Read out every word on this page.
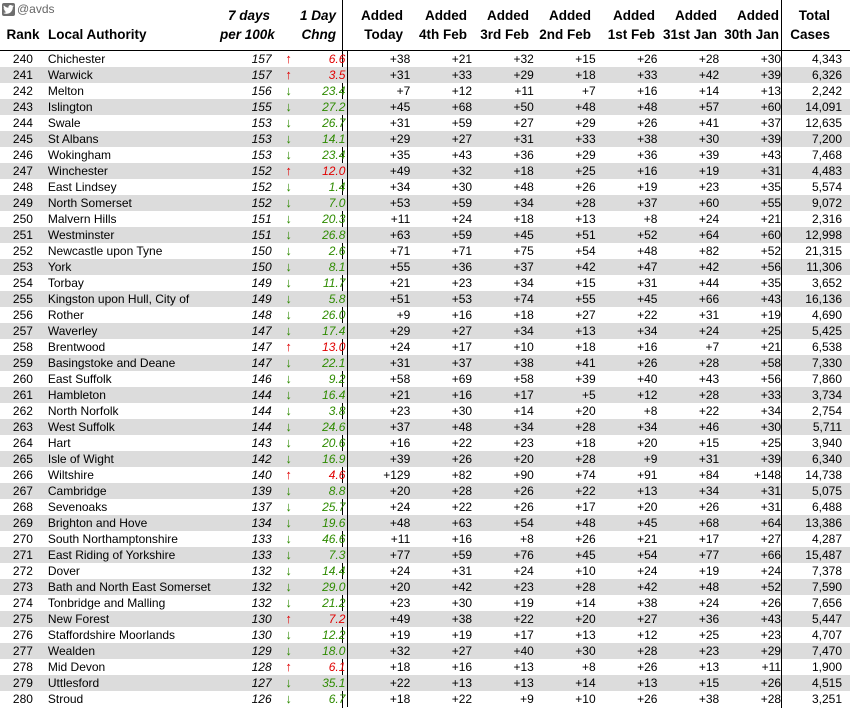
@avds

Rank
Local Authority
7 days
per 100k
1 Day
Chng
Added
Today
Added
4th Feb
Added
3rd Feb
Added
2nd Feb
Added
1st Feb
Added
31st Jan
Added
30th Jan
Total
Cases
240	Chichester	157	↑	6.6	+38	+21	+32	+15	+26	+28	+30	4,343
241	Warwick	157	↑	3.5	+31	+33	+29	+18	+33	+42	+39	6,326
242	Melton	156	↓	23.4	+7	+12	+11	+7	+16	+14	+13	2,242
243	Islington	155	↓	27.2	+45	+68	+50	+48	+48	+57	+60	14,091
244	Swale	153	↓	26.7	+31	+59	+27	+29	+26	+41	+37	12,635
245	St Albans	153	↓	14.1	+29	+27	+31	+33	+38	+30	+39	7,200
246	Wokingham	153	↓	23.4	+35	+43	+36	+29	+36	+39	+43	7,468
247	Winchester	152	↑	12.0	+49	+32	+18	+25	+16	+19	+31	4,483
248	East Lindsey	152	↓	1.4	+34	+30	+48	+26	+19	+23	+35	5,574
249	North Somerset	152	↓	7.0	+53	+59	+34	+28	+37	+60	+55	9,072
250	Malvern Hills	151	↓	20.3	+11	+24	+18	+13	+8	+24	+21	2,316
251	Westminster	151	↓	26.8	+63	+59	+45	+51	+52	+64	+60	12,998
252	Newcastle upon Tyne	150	↓	2.6	+71	+71	+75	+54	+48	+82	+52	21,315
253	York	150	↓	8.1	+55	+36	+37	+42	+47	+42	+56	11,306
254	Torbay	149	↓	11.7	+21	+23	+34	+15	+31	+44	+35	3,652
255	Kingston upon Hull, City of	149	↓	5.8	+51	+53	+74	+55	+45	+66	+43	16,136
256	Rother	148	↓	26.0	+9	+16	+18	+27	+22	+31	+19	4,690
257	Waverley	147	↓	17.4	+29	+27	+34	+13	+34	+24	+25	5,425
258	Brentwood	147	↑	13.0	+24	+17	+10	+18	+16	+7	+21	6,538
259	Basingstoke and Deane	147	↓	22.1	+31	+37	+38	+41	+26	+28	+58	7,330
260	East Suffolk	146	↓	9.2	+58	+69	+58	+39	+40	+43	+56	7,860
261	Hambleton	144	↓	16.4	+21	+16	+17	+5	+12	+28	+33	3,734
262	North Norfolk	144	↓	3.8	+23	+30	+14	+20	+8	+22	+34	2,754
263	West Suffolk	144	↓	24.6	+37	+48	+34	+28	+34	+46	+30	5,711
264	Hart	143	↓	20.6	+16	+22	+23	+18	+20	+15	+25	3,940
265	Isle of Wight	142	↓	16.9	+39	+26	+20	+28	+9	+31	+39	6,340
266	Wiltshire	140	↑	4.6	+129	+82	+90	+74	+91	+84	+148	14,738
267	Cambridge	139	↓	8.8	+20	+28	+26	+22	+13	+34	+31	5,075
268	Sevenoaks	137	↓	25.7	+24	+22	+26	+17	+20	+26	+31	6,488
269	Brighton and Hove	134	↓	19.6	+48	+63	+54	+48	+45	+68	+64	13,386
270	South Northamptonshire	133	↓	46.6	+11	+16	+8	+26	+21	+17	+27	4,287
271	East Riding of Yorkshire	133	↓	7.3	+77	+59	+76	+45	+54	+77	+66	15,487
272	Dover	132	↓	14.4	+24	+31	+24	+10	+24	+19	+24	7,378
273	Bath and North East Somerset	132	↓	29.0	+20	+42	+23	+28	+42	+48	+52	7,590
274	Tonbridge and Malling	132	↓	21.2	+23	+30	+19	+14	+38	+24	+26	7,656
275	New Forest	130	↑	7.2	+49	+38	+22	+20	+27	+36	+43	5,447
276	Staffordshire Moorlands	130	↓	12.2	+19	+19	+17	+13	+12	+25	+23	4,707
277	Wealden	129	↓	18.0	+32	+27	+40	+30	+28	+23	+29	7,470
278	Mid Devon	128	↑	6.1	+18	+16	+13	+8	+26	+13	+11	1,900
279	Uttlesford	127	↓	35.1	+22	+13	+13	+14	+13	+15	+26	4,515
280	Stroud	126	↓	6.7	+18	+22	+9	+10	+26	+38	+28	3,251
